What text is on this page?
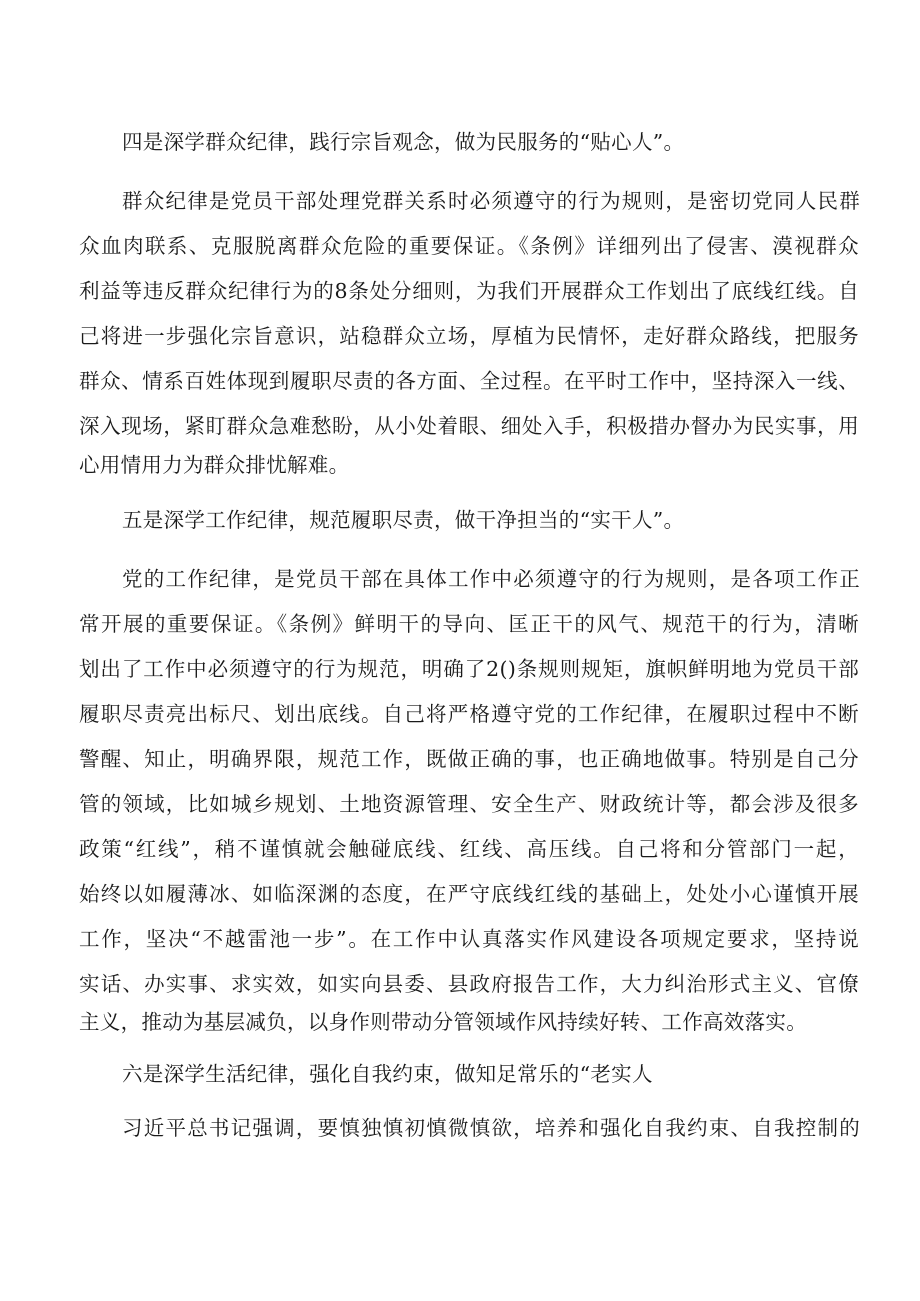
四是深学群众纪律，践行宗旨观念，做为民服务的“贴心人”。
群众纪律是党员干部处理党群关系时必须遵守的行为规则，是密切党同人民群
众血肉联系、克服脱离群众危险的重要保证。《条例》详细列出了侵害、漠视群众
利益等违反群众纪律行为的8条处分细则，为我们开展群众工作划出了底线红线。自
己将进一步强化宗旨意识，站稳群众立场，厚植为民情怀，走好群众路线，把服务
群众、情系百姓体现到履职尽责的各方面、全过程。在平时工作中，坚持深入一线、
深入现场，紧盯群众急难愁盼，从小处着眼、细处入手，积极措办督办为民实事，用
心用情用力为群众排忧解难。
五是深学工作纪律，规范履职尽责，做干净担当的“实干人”。
党的工作纪律，是党员干部在具体工作中必须遵守的行为规则，是各项工作正
常开展的重要保证。《条例》鲜明干的导向、匡正干的风气、规范干的行为，清晰
划出了工作中必须遵守的行为规范，明确了2()条规则规矩，旗帜鲜明地为党员干部
履职尽责亮出标尺、划出底线。自己将严格遵守党的工作纪律，在履职过程中不断
警醒、知止，明确界限，规范工作，既做正确的事，也正确地做事。特别是自己分
管的领域，比如城乡规划、土地资源管理、安全生产、财政统计等，都会涉及很多
政策“红线”，稍不谨慎就会触碰底线、红线、高压线。自己将和分管部门一起，
始终以如履薄冰、如临深渊的态度，在严守底线红线的基础上，处处小心谨慎开展
工作，坚决“不越雷池一步”。在工作中认真落实作风建设各项规定要求，坚持说
实话、办实事、求实效，如实向县委、县政府报告工作，大力纠治形式主义、官僚
主义，推动为基层减负，以身作则带动分管领域作风持续好转、工作高效落实。
六是深学生活纪律，强化自我约束，做知足常乐的“老实人
习近平总书记强调，要慎独慎初慎微慎欲，培养和强化自我约束、自我控制的
